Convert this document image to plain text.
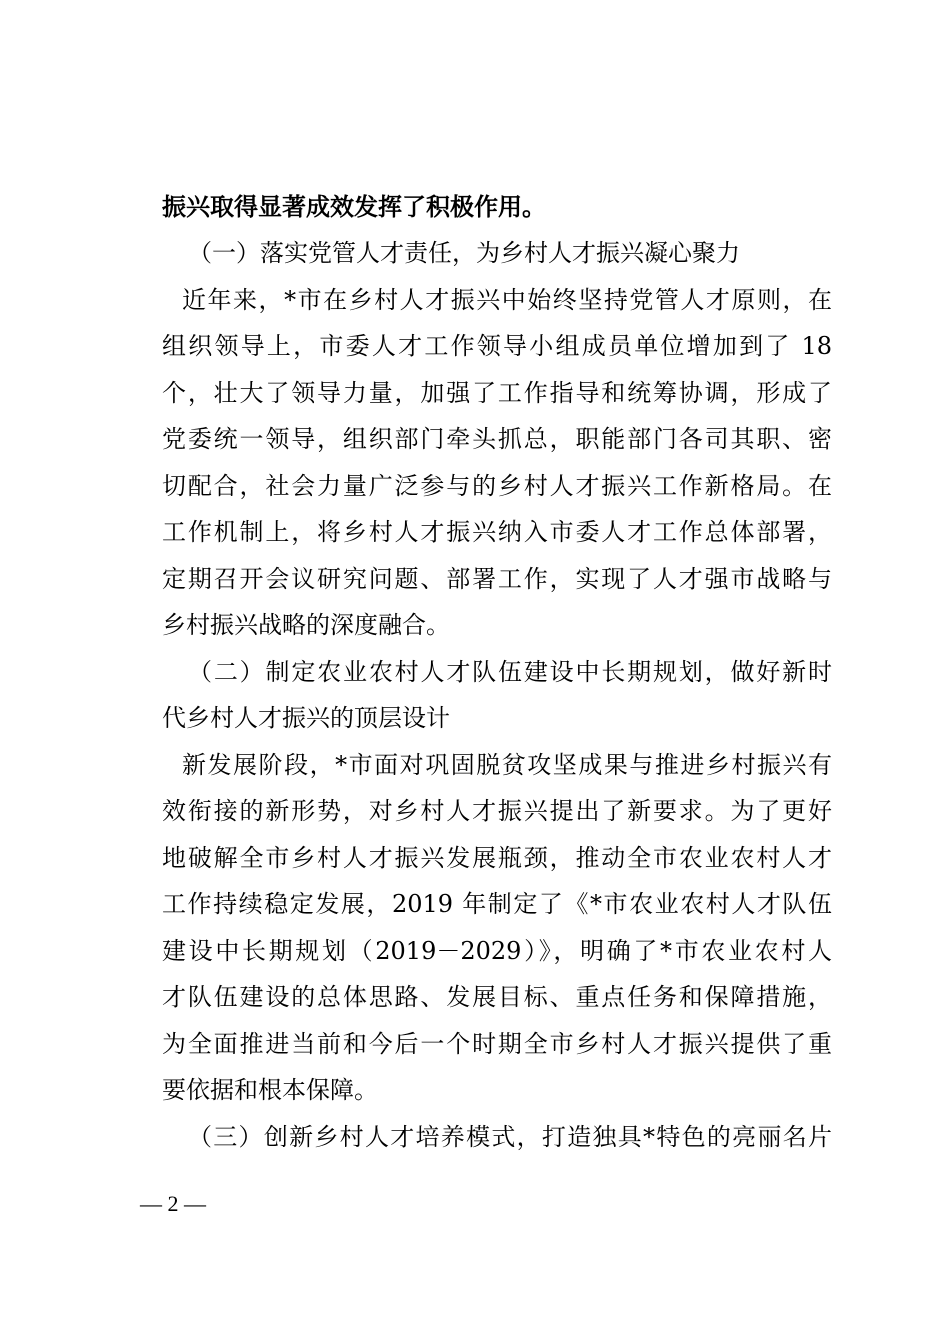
振兴取得显著成效发挥了积极作用。
（一）落实党管人才责任，为乡村人才振兴凝心聚力
近年来，*市在乡村人才振兴中始终坚持党管人才原则，在
组织领导上，市委人才工作领导小组成员单位增加到了 18
个，壮大了领导力量，加强了工作指导和统筹协调，形成了
党委统一领导，组织部门牵头抓总，职能部门各司其职、密
切配合，社会力量广泛参与的乡村人才振兴工作新格局。在
工作机制上，将乡村人才振兴纳入市委人才工作总体部署，
定期召开会议研究问题、部署工作，实现了人才强市战略与
乡村振兴战略的深度融合。
（二）制定农业农村人才队伍建设中长期规划，做好新时
代乡村人才振兴的顶层设计
新发展阶段，*市面对巩固脱贫攻坚成果与推进乡村振兴有
效衔接的新形势，对乡村人才振兴提出了新要求。为了更好
地破解全市乡村人才振兴发展瓶颈，推动全市农业农村人才
工作持续稳定发展，2019 年制定了《*市农业农村人才队伍
建设中长期规划（2019－2029）》，明确了*市农业农村人
才队伍建设的总体思路、发展目标、重点任务和保障措施，
为全面推进当前和今后一个时期全市乡村人才振兴提供了重
要依据和根本保障。
（三）创新乡村人才培养模式，打造独具*特色的亮丽名片
— 2 —
